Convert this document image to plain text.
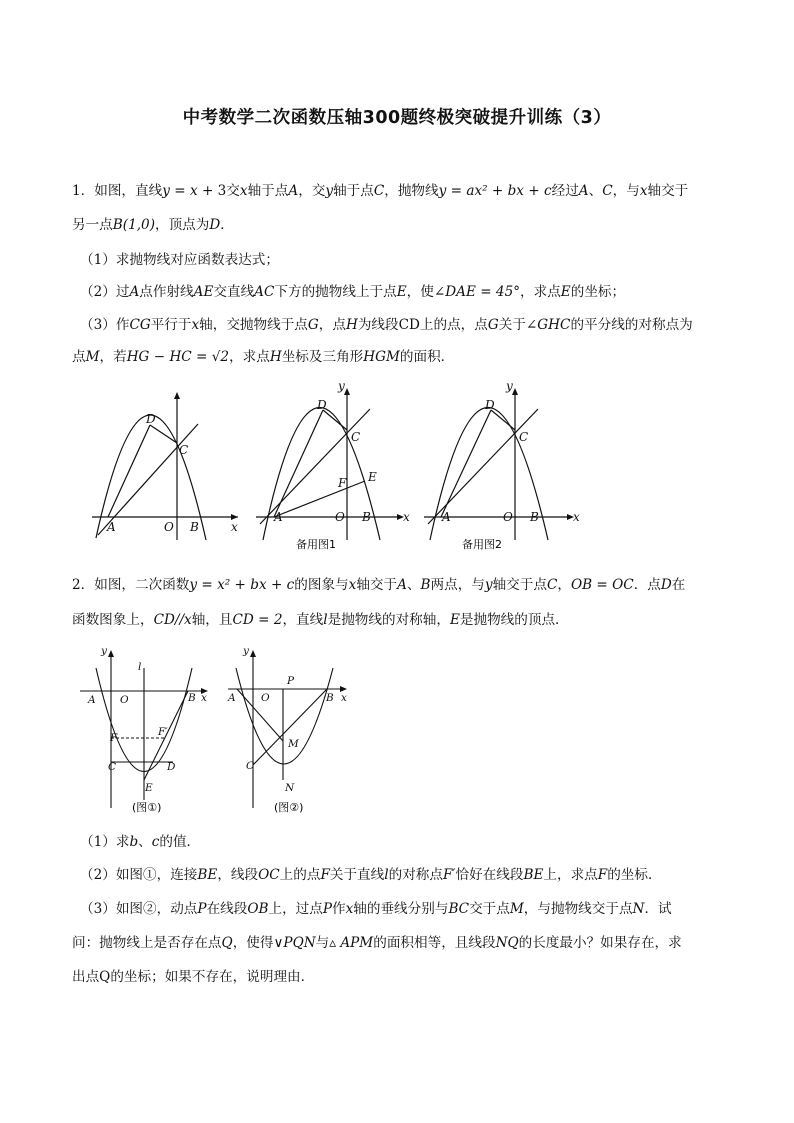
中考数学二次函数压轴300题终极突破提升训练（3）
1．如图，直线y = x + 3交x轴于点A，交y轴于点C，抛物线y = ax² + bx + c经过A、C，与x轴交于
另一点B(1,0)，顶点为D．
（1）求抛物线对应函数表达式；
（2）过A点作射线AE交直线AC下方的抛物线上于点E，使∠DAE = 45°，求点E的坐标；
（3）作CG平行于x轴，交抛物线于点G，点H为线段CD上的点，点G关于∠GHC的平分线的对称点为
点M，若HG − HC = √2，求点H坐标及三角形HGM的面积．
D
C
A	O B	x
D
C
F E
A	O B	x
y
D
C
A	O B	x
y
备用图1	备用图2
2．如图，二次函数y = x² + bx + c的图象与x轴交于A、B两点，与y轴交于点C，OB = OC．点D在
函数图象上，CD//x轴，且CD = 2，直线l是抛物线的对称轴，E是抛物线的顶点．
y
l
A O	B x
F	F′
C	D
E
y
P
A O	B x
M
C
N
(图①)	(图②)
（1）求b、c的值．
（2）如图①，连接BE，线段OC上的点F关于直线l的对称点F′恰好在线段BE上，求点F的坐标．
（3）如图②，动点P在线段OB上，过点P作x轴的垂线分别与BC交于点M，与抛物线交于点N．试
问：抛物线上是否存在点Q，使得∨PQN与▵ APM的面积相等，且线段NQ的长度最小？如果存在，求
出点Q的坐标；如果不存在，说明理由．
